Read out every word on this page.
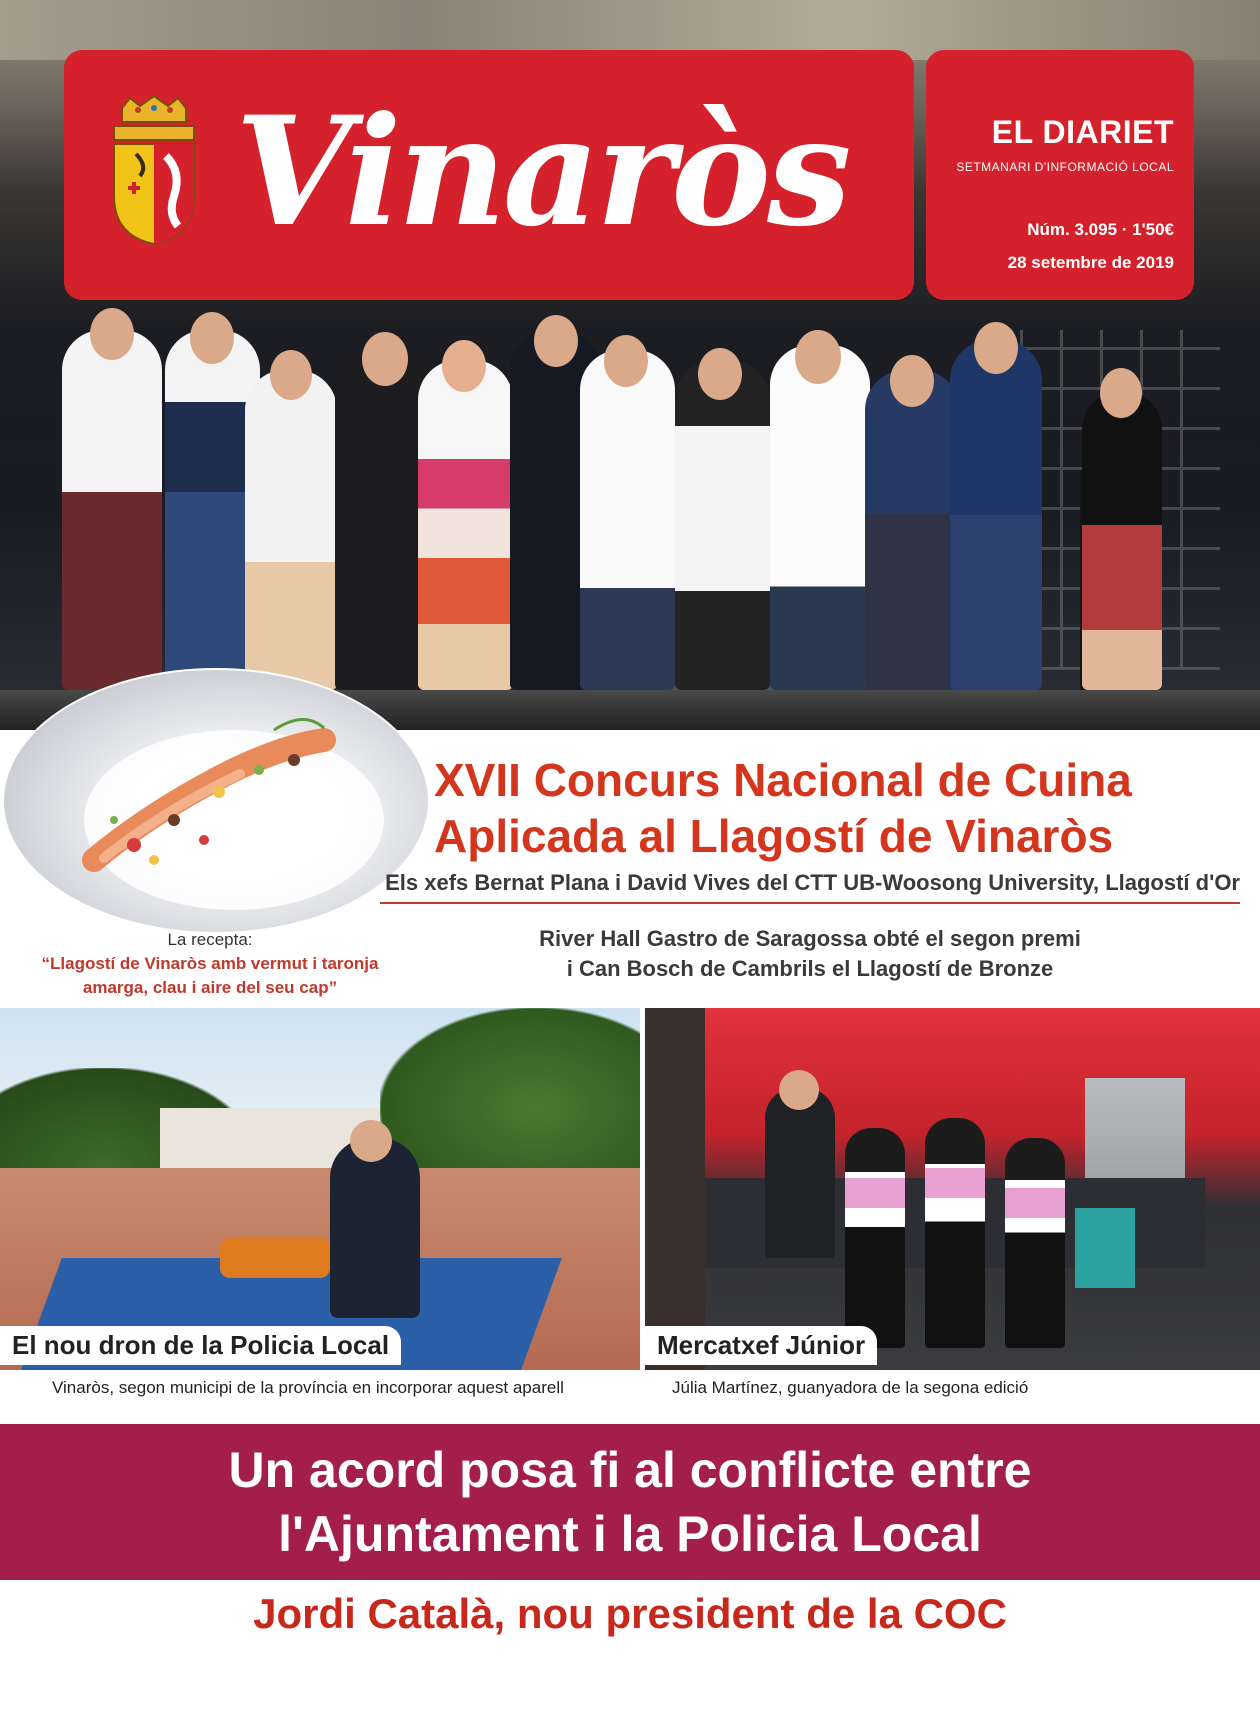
Vinaròs	EL DIARIET
SETMANARI D'INFORMACIÓ LOCAL
Núm. 3.095 · 1'50€
28 setembre de 2019
XVII Concurs Nacional de Cuina
Aplicada al Llagostí de Vinaròs
Els xefs Bernat Plana i David Vives del CTT UB-Woosong University, Llagostí d'Or
River Hall Gastro de Saragossa obté el segon premi
i Can Bosch de Cambrils el Llagostí de Bronze
La recepta:
“Llagostí de Vinaròs amb vermut i taronja
amarga, clau i aire del seu cap”
El nou dron de la Policia Local
Vinaròs, segon municipi de la província en incorporar aquest aparell
Mercatxef Júnior
Júlia Martínez, guanyadora de la segona edició
Un acord posa fi al conflicte entre
l'Ajuntament i la Policia Local
Jordi Català, nou president de la COC
